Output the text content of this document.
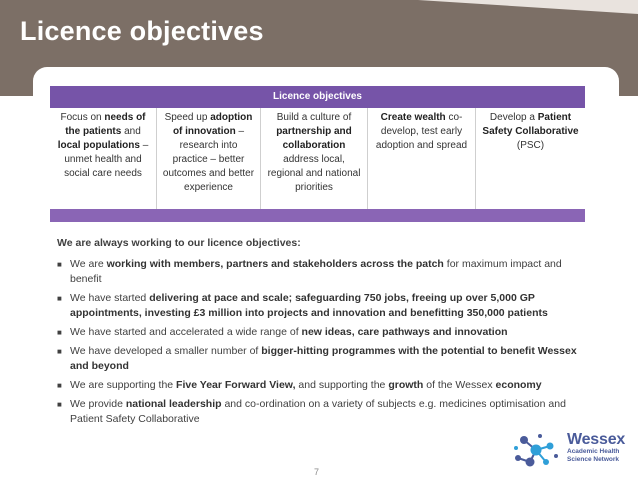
Licence objectives
Licence objectives
Focus on needs of the patients and local populations – unmet health and social care needs
Speed up adoption of innovation – research into practice – better outcomes and better experience
Build a culture of partnership and collaboration address local, regional and national priorities
Create wealth co-develop, test early adoption and spread
Develop a Patient Safety Collaborative (PSC)
We are always working to our licence objectives:
■ We are working with members, partners and stakeholders across the patch for maximum impact and benefit
■ We have started delivering at pace and scale; safeguarding 750 jobs, freeing up over 5,000 GP appointments, investing £3 million into projects and innovation and benefitting 350,000 patients
■ We have started and accelerated a wide range of new ideas, care pathways and innovation
■ We have developed a smaller number of bigger-hitting programmes with the potential to benefit Wessex and beyond
■ We are supporting the Five Year Forward View, and supporting the growth of the Wessex economy
■ We provide national leadership and co-ordination on a variety of subjects e.g. medicines optimisation and Patient Safety Collaborative
7
Wessex
Academic Health
Science Network
